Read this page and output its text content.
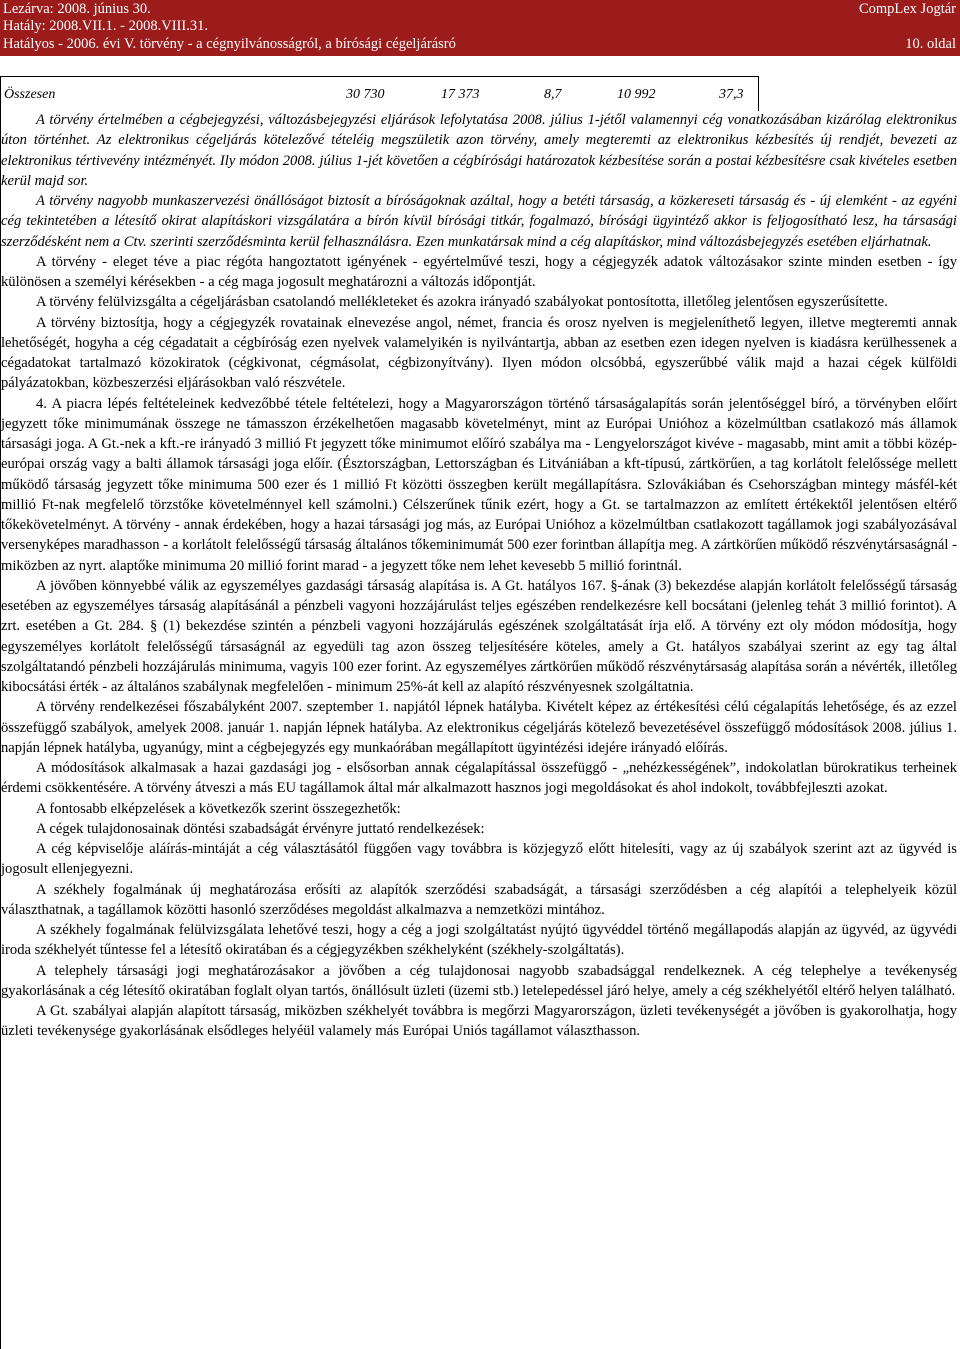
Lezárva: 2008. június 30.	CompLex Jogtár
Hatály: 2008.VII.1. - 2008.VIII.31.
Hatályos - 2006. évi V. törvény - a cégnyilvánosságról, a bírósági cégeljárásró	10. oldal
Összesen	30 730	17 373	8,7	10 992	37,3

A törvény értelmében a cégbejegyzési, változásbejegyzési eljárások lefolytatása 2008. július 1-jétől valamennyi cég vonatkozásában kizárólag elektronikus úton történhet. Az elektronikus cégeljárás kötelezővé tételéig megszületik azon törvény, amely megteremti az elektronikus kézbesítés új rendjét, bevezeti az elektronikus tértivevény intézményét. Ily módon 2008. július 1-jét követően a cégbírósági határozatok kézbesítése során a postai kézbesítésre csak kivételes esetben kerül majd sor.

A törvény nagyobb munkaszervezési önállóságot biztosít a bíróságoknak azáltal, hogy a betéti társaság, a közkereseti társaság és - új elemként - az egyéni cég tekintetében a létesítő okirat alapításkori vizsgálatára a bírón kívül bírósági titkár, fogalmazó, bírósági ügyintéző akkor is feljogosítható lesz, ha társasági szerződésként nem a Ctv. szerinti szerződésminta kerül felhasználásra. Ezen munkatársak mind a cég alapításkor, mind változásbejegyzés esetében eljárhatnak.

A törvény - eleget téve a piac régóta hangoztatott igényének - egyértelművé teszi, hogy a cégjegyzék adatok változásakor szinte minden esetben - így különösen a személyi kérésekben - a cég maga jogosult meghatározni a változás időpontját.

A törvény felülvizsgálta a cégeljárásban csatolandó mellékleteket és azokra irányadó szabályokat pontosította, illetőleg jelentősen egyszerűsítette.

A törvény biztosítja, hogy a cégjegyzék rovatainak elnevezése angol, német, francia és orosz nyelven is megjeleníthető legyen, illetve megteremti annak lehetőségét, hogyha a cég cégadatait a cégbíróság ezen nyelvek valamelyikén is nyilvántartja, abban az esetben ezen idegen nyelven is kiadásra kerülhessenek a cégadatokat tartalmazó közokiratok (cégkivonat, cégmásolat, cégbizonyítvány). Ilyen módon olcsóbbá, egyszerűbbé válik majd a hazai cégek külföldi pályázatokban, közbeszerzési eljárásokban való részvétele.

4. A piacra lépés feltételeinek kedvezőbbé tétele feltételezi, hogy a Magyarországon történő társaságalapítás során jelentőséggel bíró, a törvényben előírt jegyzett tőke minimumának összege ne támasszon érzékelhetően magasabb követelményt, mint az Európai Unióhoz a közelmúltban csatlakozó más államok társasági joga. A Gt.-nek a kft.-re irányadó 3 millió Ft jegyzett tőke minimumot előíró szabálya ma - Lengyelországot kivéve - magasabb, mint amit a többi közép-európai ország vagy a balti államok társasági joga előír. (Észtországban, Lettországban és Litvániában a kft-típusú, zártkörűen, a tag korlátolt felelőssége mellett működő társaság jegyzett tőke minimuma 500 ezer és 1 millió Ft közötti összegben került megállapításra. Szlovákiában és Csehországban mintegy másfél-két millió Ft-nak megfelelő törzstőke követelménnyel kell számolni.) Célszerűnek tűnik ezért, hogy a Gt. se tartalmazzon az említett értékektől jelentősen eltérő tőkekövetelményt. A törvény - annak érdekében, hogy a hazai társasági jog más, az Európai Unióhoz a közelmúltban csatlakozott tagállamok jogi szabályozásával versenyképes maradhasson - a korlátolt felelősségű társaság általános tőkeminimumát 500 ezer forintban állapítja meg. A zártkörűen működő részvénytársaságnál - miközben az nyrt. alaptőke minimuma 20 millió forint marad - a jegyzett tőke nem lehet kevesebb 5 millió forintnál.

A jövőben könnyebbé válik az egyszemélyes gazdasági társaság alapítása is. A Gt. hatályos 167. §-ának (3) bekezdése alapján korlátolt felelősségű társaság esetében az egyszemélyes társaság alapításánál a pénzbeli vagyoni hozzájárulást teljes egészében rendelkezésre kell bocsátani (jelenleg tehát 3 millió forintot). A zrt. esetében a Gt. 284. § (1) bekezdése szintén a pénzbeli vagyoni hozzájárulás egészének szolgáltatását írja elő. A törvény ezt oly módon módosítja, hogy egyszemélyes korlátolt felelősségű társaságnál az egyedüli tag azon összeg teljesítésére köteles, amely a Gt. hatályos szabályai szerint az egy tag által szolgáltatandó pénzbeli hozzájárulás minimuma, vagyis 100 ezer forint. Az egyszemélyes zártkörűen működő részvénytársaság alapítása során a névérték, illetőleg kibocsátási érték - az általános szabálynak megfelelően - minimum 25%-át kell az alapító részvényesnek szolgáltatnia.

A törvény rendelkezései főszabályként 2007. szeptember 1. napjától lépnek hatályba. Kivételt képez az értékesítési célú cégalapítás lehetősége, és az ezzel összefüggő szabályok, amelyek 2008. január 1. napján lépnek hatályba. Az elektronikus cégeljárás kötelező bevezetésével összefüggő módosítások 2008. július 1. napján lépnek hatályba, ugyanúgy, mint a cégbejegyzés egy munkaórában megállapított ügyintézési idejére irányadó előírás.

A módosítások alkalmasak a hazai gazdasági jog - elsősorban annak cégalapítással összefüggő - „nehézkességének”, indokolatlan bürokratikus terheinek érdemi csökkentésére. A törvény átveszi a más EU tagállamok által már alkalmazott hasznos jogi megoldásokat és ahol indokolt, továbbfejleszti azokat.

A fontosabb elképzelések a következők szerint összegezhetők:

A cégek tulajdonosainak döntési szabadságát érvényre juttató rendelkezések:

A cég képviselője aláírás-mintáját a cég választásától függően vagy továbbra is közjegyző előtt hitelesíti, vagy az új szabályok szerint azt az ügyvéd is jogosult ellenjegyezni.

A székhely fogalmának új meghatározása erősíti az alapítók szerződési szabadságát, a társasági szerződésben a cég alapítói a telephelyeik közül választhatnak, a tagállamok közötti hasonló szerződéses megoldást alkalmazva a nemzetközi mintához.

A székhely fogalmának felülvizsgálata lehetővé teszi, hogy a cég a jogi szolgáltatást nyújtó ügyvéddel történő megállapodás alapján az ügyvéd, az ügyvédi iroda székhelyét tűntesse fel a létesítő okiratában és a cégjegyzékben székhelyként (székhely-szolgáltatás).

A telephely társasági jogi meghatározásakor a jövőben a cég tulajdonosai nagyobb szabadsággal rendelkeznek. A cég telephelye a tevékenység gyakorlásának a cég létesítő okiratában foglalt olyan tartós, önállósult üzleti (üzemi stb.) letelepedéssel járó helye, amely a cég székhelyétől eltérő helyen található.

A Gt. szabályai alapján alapított társaság, miközben székhelyét továbbra is megőrzi Magyarországon, üzleti tevékenységét a jövőben is gyakorolhatja, hogy üzleti tevékenysége gyakorlásának elsődleges helyéül valamely más Európai Uniós tagállamot választhasson.
